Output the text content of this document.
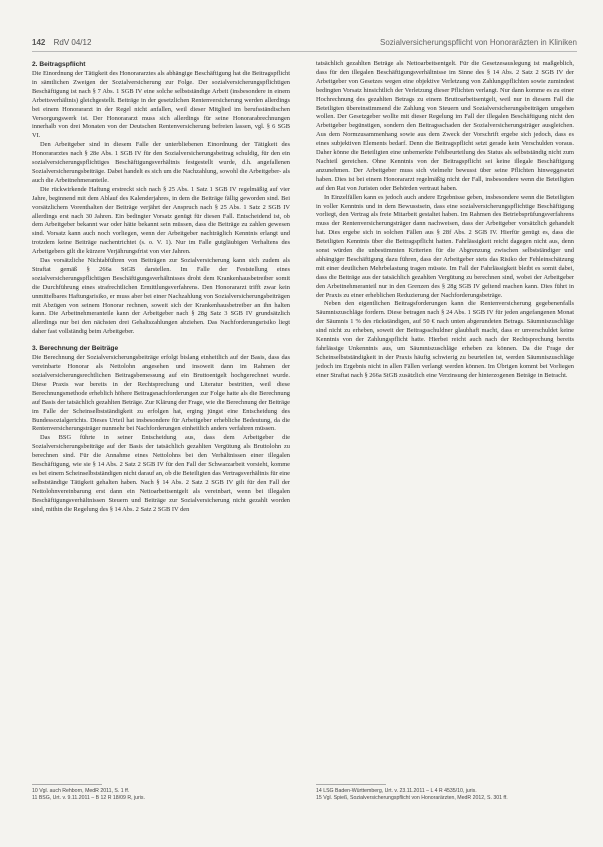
142 RdV 04/12	Sozialversicherungspflicht von Honoraräzten in Kliniken
2. Beitragspflicht

Die Einordnung der Tätigkeit des Honorararztes als abhängige Beschäftigung hat die Beitragspflicht in sämtlichen Zweigen der Sozialversicherung zur Folge. Der sozialversicherungspflichtigen Beschäftigung ist nach § 7 Abs. 1 SGB IV eine solche selbstständige Arbeit (insbesondere in einem Arbeitsverhältnis) gleichgestellt. Beiträge in der gesetzlichen Rentenversicherung werden allerdings bei einem Honorararzt in der Regel nicht anfallen, weil dieser Mitglied im berufsständischen Versorgungswerk ist. Der Honorararzt muss sich allerdings für seine Honorarabrechnungen innerhalb von drei Monaten von der Deutschen Rentenversicherung befreien lassen, vgl. § 6 SGB VI.

Den Arbeitgeber sind in diesem Falle der unterbliebenen Einordnung der Tätigkeit des Honorararztes nach § 28e Abs. 1 SGB IV für den Sozialversicherungsbeitrag schuldig, für den ein sozialversicherungspflichtiges Beschäftigungsverhältnis festgestellt wurde, d.h. angefallenen Sozialversicherungsbeiträge. Dabei handelt es sich um die Nachzahlung, sowohl die Arbeitgeber- als auch die Arbeitnehmeranteile.

Die rückwirkende Haftung erstreckt sich nach § 25 Abs. 1 Satz 1 SGB IV regelmäßig auf vier Jahre, beginnend mit dem Ablauf des Kalenderjahres, in dem die Beiträge fällig geworden sind. Bei vorsätzlichem Vorenthalten der Beiträge verjährt der Anspruch nach § 25 Abs. 1 Satz 2 SGB IV allerdings erst nach 30 Jahren. Ein bedingter Vorsatz genügt für diesen Fall. Entscheidend ist, ob dem Arbeitgeber bekannt war oder hätte bekannt sein müssen, dass die Beiträge zu zahlen gewesen sind. Vorsatz kann auch noch vorliegen, wenn der Arbeitgeber nachträglich Kenntnis erlangt und trotzdem keine Beiträge nachentrichtet (s. o. V. 1). Nur im Falle gutgläubigen Verhaltens des Arbeitgebers gilt die kürzere Verjährungsfrist von vier Jahren.

Das vorsätzliche Nichtabführen von Beiträgen zur Sozialversicherung kann sich zudem als Straftat gemäß § 266a StGB darstellen. Im Falle der Feststellung eines sozialversicherungspflichtigen Beschäftigungsverhältnisses droht dem Krankenhausbetreiber somit die Durchführung eines strafrechtlichen Ermittlungsverfahrens. Den Honorararzt trifft zwar kein unmittelbares Haftungsrisiko, er muss aber bei einer Nachzahlung von Sozialversicherungsbeiträgen mit Abzügen von seinem Honorar rechnen, soweit sich der Krankenhausbetreiber an ihn halten kann. Die Arbeitnehmeranteile kann der Arbeitgeber nach § 28g Satz 3 SGB IV grundsätzlich allerdings nur bei den nächsten drei Gehaltszahlungen abziehen. Das Nachforderungsrisiko liegt daher fast vollständig beim Arbeitgeber.

3. Berechnung der Beiträge

Die Berechnung der Sozialversicherungsbeiträge erfolgt bislang einheitlich auf der Basis, dass das vereinbarte Honorar als Nettolohn angesehen und insoweit dann im Rahmen der sozialversicherungsrechtlichen Beitragsbemessung auf ein Bruttoentgelt hochgerechnet wurde. Diese Praxis war bereits in der Rechtsprechung und Literatur bestritten, weil diese Berechnungsmethode erheblich höhere Beitragsnachforderungen zur Folge hatte als die Berechnung auf Basis der tatsächlich gezahlten Beträge. Zur Klärung der Frage, wie die Berechnung der Beiträge im Falle der Scheinselbstständigkeit zu erfolgen hat, erging jüngst eine Entscheidung des Bundessozialgerichts. Dieses Urteil hat insbesondere für Arbeitgeber erhebliche Bedeutung, da die Rentenversicherungsträger nunmehr bei Nachforderungen einheitlich anders verfahren müssen.

Das BSG führte in seiner Entscheidung aus, dass dem Arbeitgeber die Sozialversicherungsbeiträge auf der Basis der tatsächlich gezahlten Vergütung als Bruttolohn zu berechnen sind. Für die Annahme eines Nettolohns bei den Verhältnissen einer illegalen Beschäftigung, wie sie § 14 Abs. 2 Satz 2 SGB IV für den Fall der Schwarzarbeit vorsieht, komme es bei einem Scheinselbstständigen nicht darauf an, ob die Beteiligten das Vertragsverhältnis für eine selbstständige Tätigkeit gehalten haben. Nach § 14 Abs. 2 Satz 2 SGB IV gilt für den Fall der Nettolohnvereinbarung erst dann ein Nettoarbeitsentgelt als vereinbart, wenn bei illegalen Beschäftigungsverhältnissen Steuern und Beiträge zur Sozialversicherung nicht gezahlt worden sind, mithin die Regelung des § 14 Abs. 2 Satz 2 SGB IV den

tatsächlich gezahlten Beträge als Nettoarbeitsentgelt. Für die Gesetzesauslegung ist maßgeblich, dass für den illegalen Beschäftigungsverhältnisse im Sinne des § 14 Abs. 2 Satz 2 SGB IV der Arbeitgeber von Gesetzes wegen eine objektive Verletzung von Zahlungspflichten sowie zumindest bedingten Vorsatz hinsichtlich der Verletzung dieser Pflichten verlangt. Nur dann komme es zu einer Hochrechnung des gezahlten Betrags zu einem Bruttoarbeitsentgelt, weil nur in diesem Fall die Beteiligten übereinstimmend die Zahlung von Steuern und Sozialversicherungsbeiträgen umgehen wollen. Der Gesetzgeber wollte mit dieser Regelung im Fall der illegalen Beschäftigung nicht den Arbeitgeber begünstigen, sondern den Beitragsschaden der Sozialversicherungsträger ausgleichen. Aus dem Normzusammenhang sowie aus dem Zweck der Vorschrift ergebe sich jedoch, dass es eines subjektiven Elements bedarf. Denn die Beitragspflicht setzt gerade kein Verschulden voraus. Daher könne die Beteiligten eine unbemerkte Fehlbeurteilung des Status als selbstständig nicht zum Nachteil gereichen. Ohne Kenntnis von der Beitragspflicht sei keine illegale Beschäftigung anzunehmen. Der Arbeitgeber muss sich vielmehr bewusst über seine Pflichten hinweggesetzt haben. Dies ist bei einem Honorararzt regelmäßig nicht der Fall, insbesondere wenn die Beteiligten auf den Rat von Juristen oder Behörden vertraut haben.

In Einzelfällen kann es jedoch auch andere Ergebnisse geben, insbesondere wenn die Beteiligten in voller Kenntnis und in dem Bewusstsein, dass eine sozialversicherungspflichtige Beschäftigung vorliegt, den Vertrag als freie Mitarbeit gestaltet haben. Im Rahmen des Betriebsprüfungsverfahrens muss der Rentenversicherungsträger dann nachweisen, dass der Arbeitgeber vorsätzlich gehandelt hat. Dies ergebe sich in solchen Fällen aus § 28f Abs. 2 SGB IV. Hierfür genügt es, dass die Beteiligten Kenntnis über die Beitragspflicht hatten. Fahrlässigkeit reicht dagegen nicht aus, denn sonst würden die unbestimmten Kriterien für die Abgrenzung zwischen selbstständiger und abhängiger Beschäftigung dazu führen, dass der Arbeitgeber stets das Risiko der Fehleinschätzung mit einer deutlichen Mehrbelastung tragen müsste. Im Fall der Fahrlässigkeit bleibt es somit dabei, dass die Beiträge aus der tatsächlich gezahlten Vergütung zu berechnen sind, wobei der Arbeitgeber den Arbeitnehmeranteil nur in den Grenzen des § 28g SGB IV geltend machen kann. Dies führt in der Praxis zu einer erheblichen Reduzierung der Nachforderungsbeträge.

Neben den eigentlichen Beitragsforderungen kann die Rentenversicherung gegebenenfalls Säumniszuschläge fordern. Diese betragen nach § 24 Abs. 1 SGB IV für jeden angefangenen Monat der Säumnis 1 % des rückständigen, auf 50 € nach unten abgerundeten Betrags. Säumniszuschläge sind nicht zu erheben, soweit der Beitragsschuldner glaubhaft macht, dass er unverschuldet keine Kenntnis von der Zahlungspflicht hatte. Hierbei reicht auch nach der Rechtsprechung bereits fahrlässige Unkenntnis aus, um Säumniszuschläge erheben zu können. Da die Frage der Scheinselbstständigkeit in der Praxis häufig schwierig zu beurteilen ist, werden Säumniszuschläge jedoch im Ergebnis nicht in allen Fällen verlangt werden können. Im Übrigen kommt bei Vorliegen einer Straftat nach § 266a StGB zusätzlich eine Verzinsung der hinterzogenen Beträge in Betracht.

10 Vgl. auch Rehborn, MedR 2011, S. 1 ff.
11 BSG, Urt. v. 9.11.2011 – B 12 R 18/09 R, juris.
14 LSG Baden-Württemberg, Urt. v. 23.11.2011 – L 4 R 4535/10, juris.
15 Vgl. Spieß, Sozialversicherungspflicht von Honorarärzten, MedR 2012, S. 301 ff.
